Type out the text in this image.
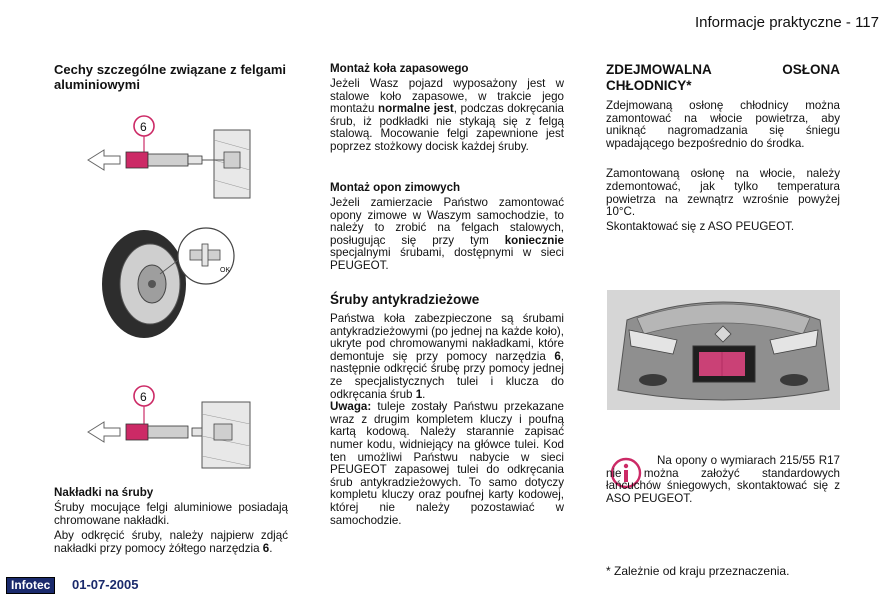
Informacje praktyczne - 117
Cechy szczególne związane z felgami aluminiowymi
6
OK
6
Nakładki na śruby

Śruby mocujące felgi aluminiowe posiadają chromowane nakładki.

Aby odkręcić śruby, należy najpierw zdjąć nakładki przy pomocy żółtego narzędzia 6.

Montaż koła zapasowego

Jeżeli Wasz pojazd wyposażony jest w stalowe koło zapasowe, w trakcie jego montażu normalne jest, podczas dokręcania śrub, iż podkładki nie stykają się z felgą stalową. Mocowanie felgi zapewnione jest poprzez stożkowy docisk każdej śruby.

Montaż opon zimowych

Jeżeli zamierzacie Państwo zamontować opony zimowe w Waszym samochodzie, to należy to zrobić na felgach stalowych, posługując się przy tym koniecznie specjalnymi śrubami, dostępnymi w sieci PEUGEOT.

Śruby antykradzieżowe

Państwa koła zabezpieczone są śrubami antykradzieżowymi (po jednej na każde koło), ukryte pod chromowanymi nakładkami, które demontuje się przy pomocy narzędzia 6, następnie odkręcić śrubę przy pomocy jednej ze specjalistycznych tulei i klucza do odkręcania śrub 1.

Uwaga: tuleje zostały Państwu przekazane wraz z drugim kompletem kluczy i poufną kartą kodową. Należy starannie zapisać numer kodu, widniejący na główce tulei. Kod ten umożliwi Państwu nabycie w sieci PEUGEOT zapasowej tulei do odkręcania śrub antykradzieżowych. To samo dotyczy kompletu kluczy oraz poufnej karty kodowej, której nie należy pozostawiać w samochodzie.

ZDEJMOWALNA OSŁONA CHŁODNICY*

Zdejmowaną osłonę chłodnicy można zamontować na włocie powietrza, aby uniknąć nagromadzania się śniegu wpadającego bezpośrednio do środka.

Zamontowaną osłonę na włocie, należy zdemontować, jak tylko temperatura powietrza na zewnątrz wzrośnie powyżej 10°C.

Skontaktować się z ASO PEUGEOT.

Na opony o wymiarach 215/55 R17 nie można założyć standardowych łańcuchów śniegowych, skontaktować się z ASO PEUGEOT.

* Zależnie od kraju przeznaczenia.

Infotec	01-07-2005
